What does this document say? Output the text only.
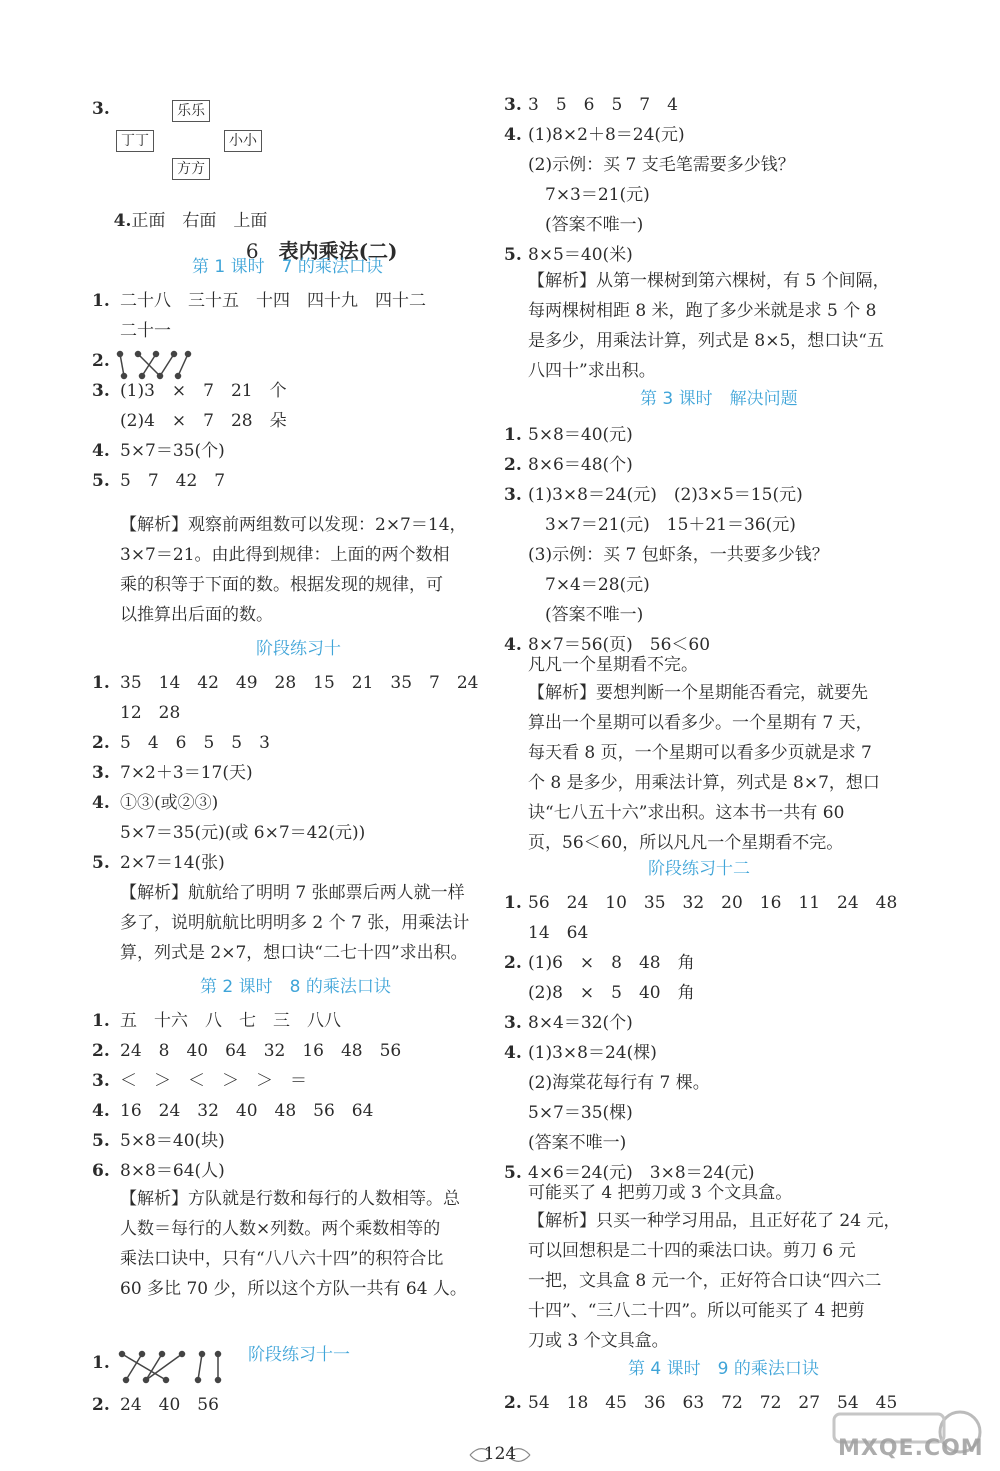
3.	乐乐
丁丁	小小
方方

4.正面　右面　上面

6　 表内乘法(二)

第 1 课时　7 的乘法口诀
1. 二十八　三十五　十四　四十九　四十二
二十一
2.
3. (1)3　×　7　21　个
(2)4　×　7　28　朵
4. 5×7＝35(个)
5. 5　7　42　7
【解析】观察前两组数可以发现：2×7＝14，
3×7＝21。由此得到规律：上面的两个数相
乘的积等于下面的数。根据发现的规律，可
以推算出后面的数。
阶段练习十
1. 35　14　42　49　28　15　21　35　7　24
12　28
2. 5　4　6　5　5　3
3. 7×2＋3＝17(天)
4. ①③(或②③)
5×7＝35(元)(或 6×7＝42(元))
5. 2×7＝14(张)
【解析】航航给了明明 7 张邮票后两人就一样
多了，说明航航比明明多 2 个 7 张，用乘法计
算，列式是 2×7，想口诀“二七十四”求出积。
第 2 课时　8 的乘法口诀
1. 五　十六　八　七　三　八八
2. 24　8　40　64　32　16　48　56
3. ＜　＞　＜　＞　＞　＝
4. 16　24　32　40　48　56　64
5. 5×8＝40(块)
6. 8×8＝64(人)
【解析】方队就是行数和每行的人数相等。总
人数＝每行的人数×列数。两个乘数相等的
乘法口诀中，只有“八八六十四”的积符合比
60 多比 70 少，所以这个方队一共有 64 人。
阶段练习十一
1.
2. 24　40　56
3. 3　5　6　5　7　4
4. (1)8×2＋8＝24(元)
(2)示例：买 7 支毛笔需要多少钱？
　7×3＝21(元)
　(答案不唯一)
5. 8×5＝40(米)
【解析】从第一棵树到第六棵树，有 5 个间隔，
每两棵树相距 8 米，跑了多少米就是求 5 个 8
是多少，用乘法计算，列式是 8×5，想口诀“五
八四十”求出积。
第 3 课时　解决问题
1. 5×8＝40(元)
2. 8×6＝48(个)
3. (1)3×8＝24(元)　(2)3×5＝15(元)
　3×7＝21(元)　15＋21＝36(元)
(3)示例：买 7 包虾条，一共要多少钱？
　7×4＝28(元)
　(答案不唯一)
4. 8×7＝56(页)　56＜60
凡凡一个星期看不完。
【解析】要想判断一个星期能否看完，就要先
算出一个星期可以看多少。一个星期有 7 天，
每天看 8 页，一个星期可以看多少页就是求 7
个 8 是多少，用乘法计算，列式是 8×7，想口
诀“七八五十六”求出积。这本书一共有 60
页，56＜60，所以凡凡一个星期看不完。
阶段练习十二
1. 56　24　10　35　32　20　16　11　24　48
14　64
2. (1)6　×　8　48　角
(2)8　×　5　40　角
3. 8×4＝32(个)
4. (1)3×8＝24(棵)
(2)海棠花每行有 7 棵。
5×7＝35(棵)
(答案不唯一)
5. 4×6＝24(元)　3×8＝24(元)
可能买了 4 把剪刀或 3 个文具盒。
【解析】只买一种学习用品，且正好花了 24 元，
可以回想积是二十四的乘法口诀。剪刀 6 元
一把，文具盒 8 元一个，正好符合口诀“四六二
十四”、“三八二十四”。所以可能买了 4 把剪
刀或 3 个文具盒。
第 4 课时　9 的乘法口诀
2. 54　18　45　36　63　72　72　27　54　45
124	MXQE.COM
